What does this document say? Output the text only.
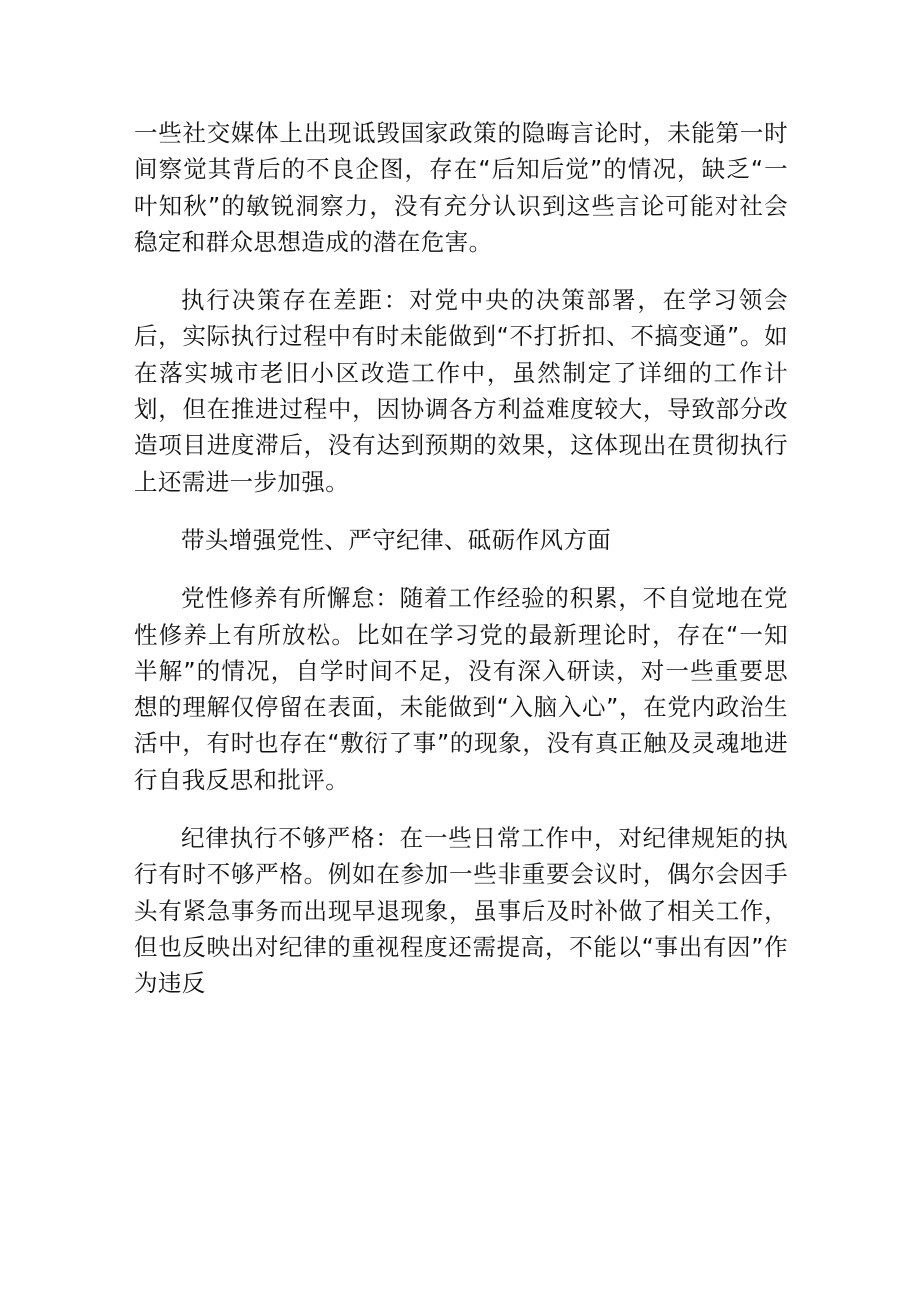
一些社交媒体上出现诋毁国家政策的隐晦言论时，未能第一时间察觉其背后的不良企图，存在“后知后觉”的情况，缺乏“一叶知秋”的敏锐洞察力，没有充分认识到这些言论可能对社会稳定和群众思想造成的潜在危害。

执行决策存在差距：对党中央的决策部署，在学习领会后，实际执行过程中有时未能做到“不打折扣、不搞变通”。如在落实城市老旧小区改造工作中，虽然制定了详细的工作计划，但在推进过程中，因协调各方利益难度较大，导致部分改造项目进度滞后，没有达到预期的效果，这体现出在贯彻执行上还需进一步加强。

带头增强党性、严守纪律、砥砺作风方面

党性修养有所懈怠：随着工作经验的积累，不自觉地在党性修养上有所放松。比如在学习党的最新理论时，存在“一知半解”的情况，自学时间不足，没有深入研读，对一些重要思想的理解仅停留在表面，未能做到“入脑入心”，在党内政治生活中，有时也存在“敷衍了事”的现象，没有真正触及灵魂地进行自我反思和批评。

纪律执行不够严格：在一些日常工作中，对纪律规矩的执行有时不够严格。例如在参加一些非重要会议时，偶尔会因手头有紧急事务而出现早退现象，虽事后及时补做了相关工作，但也反映出对纪律的重视程度还需提高，不能以“事出有因”作为违反
